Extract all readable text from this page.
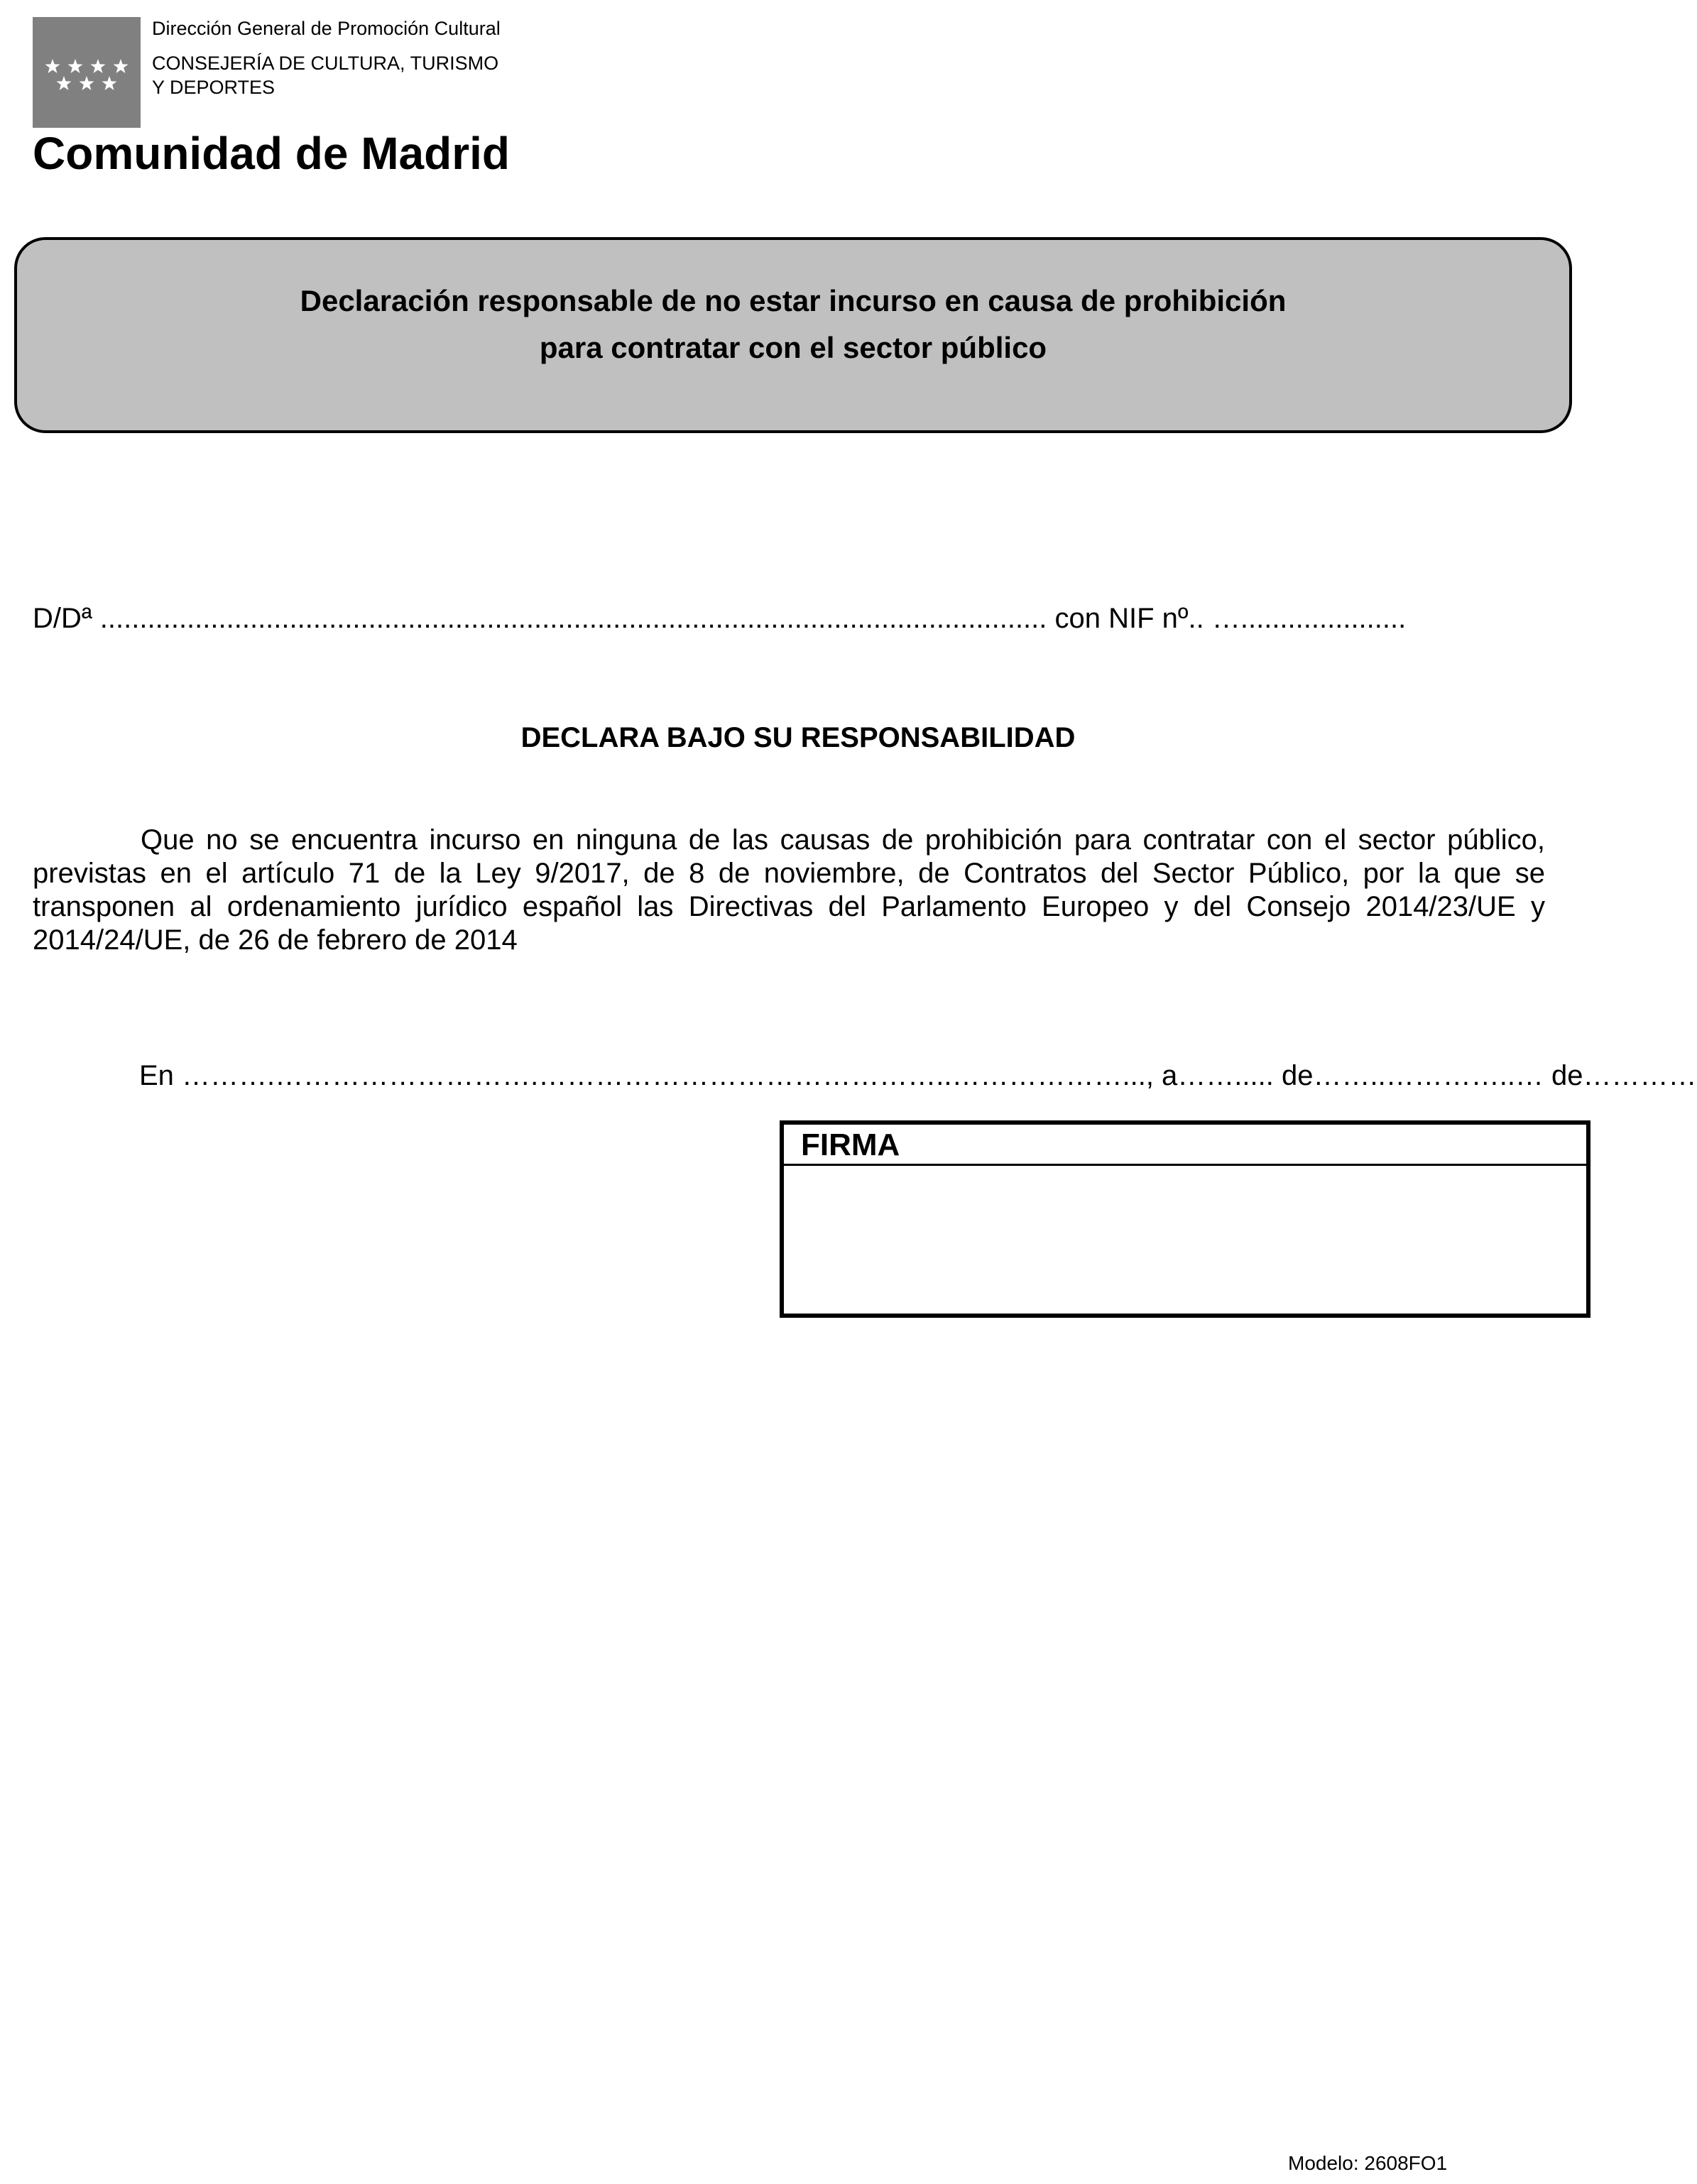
Dirección General de Promoción Cultural
CONSEJERÍA DE CULTURA, TURISMO
Y DEPORTES
Comunidad de Madrid
Declaración responsable de no estar incurso en causa de prohibición
para contratar con el sector público
D/Dª ........................................................................................................................ con NIF nº.. ….....................
DECLARA BAJO SU RESPONSABILIDAD
Que no se encuentra incurso en ninguna de las causas de prohibición para contratar con el sector público, previstas en el artículo 71 de la Ley 9/2017, de 8 de noviembre, de Contratos del Sector Público, por la que se transponen al ordenamiento jurídico español las Directivas del Parlamento Europeo y del Consejo 2014/23/UE y 2014/24/UE, de 26 de febrero de 2014
En ……….……………………….……………………………………..………………..., a……..... de……..…………..… de…………
FIRMA
Modelo: 2608FO1
